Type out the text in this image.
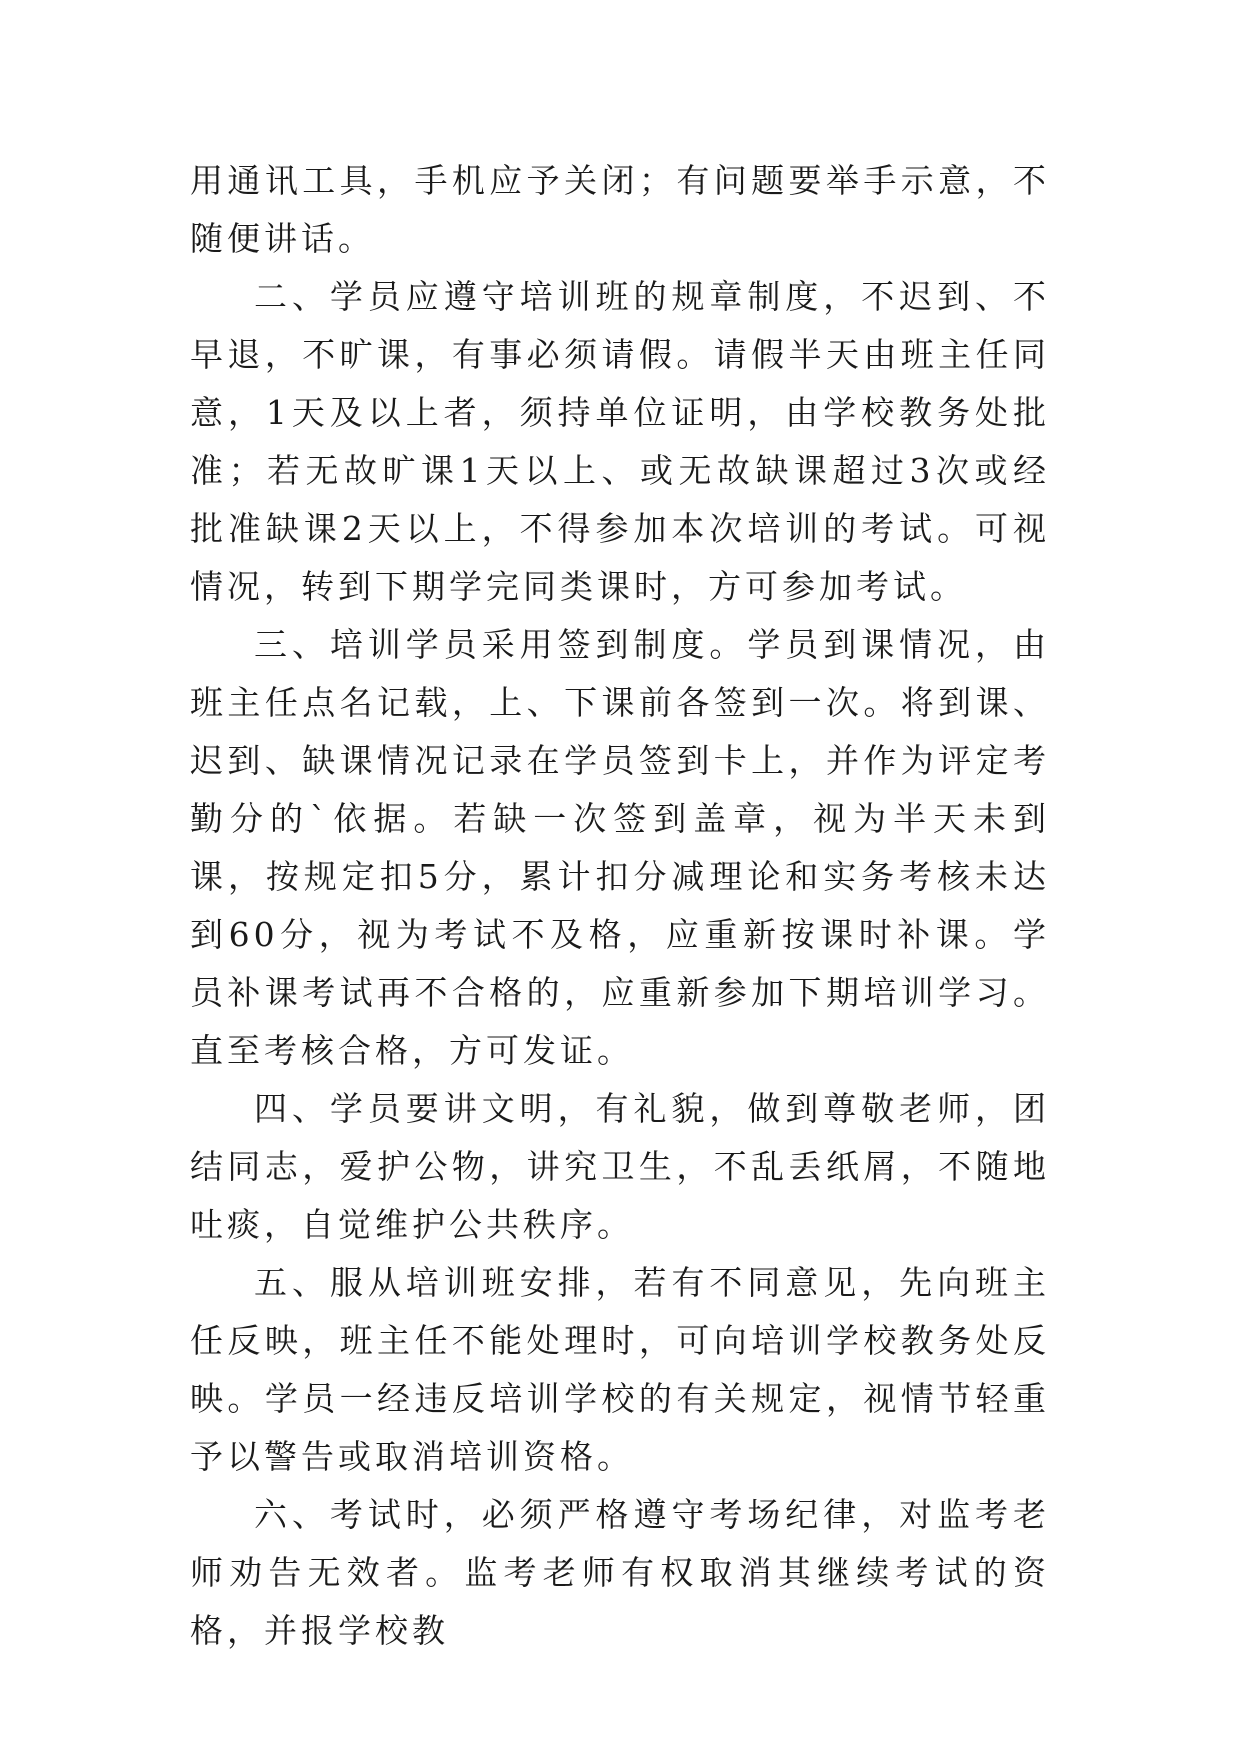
用通讯工具，手机应予关闭；有问题要举手示意，不随便讲话。

二、学员应遵守培训班的规章制度，不迟到、不早退，不旷课，有事必须请假。请假半天由班主任同意，1天及以上者，须持单位证明，由学校教务处批准；若无故旷课1天以上、或无故缺课超过3次或经批准缺课2天以上，不得参加本次培训的考试。可视情况，转到下期学完同类课时，方可参加考试。

三、培训学员采用签到制度。学员到课情况，由班主任点名记载，上、下课前各签到一次。将到课、迟到、缺课情况记录在学员签到卡上，并作为评定考勤分的`依据。若缺一次签到盖章，视为半天未到课，按规定扣5分，累计扣分减理论和实务考核未达到60分，视为考试不及格，应重新按课时补课。学员补课考试再不合格的，应重新参加下期培训学习。直至考核合格，方可发证。

四、学员要讲文明，有礼貌，做到尊敬老师，团结同志，爱护公物，讲究卫生，不乱丢纸屑，不随地吐痰，自觉维护公共秩序。

五、服从培训班安排，若有不同意见，先向班主任反映，班主任不能处理时，可向培训学校教务处反映。学员一经违反培训学校的有关规定，视情节轻重予以警告或取消培训资格。

六、考试时，必须严格遵守考场纪律，对监考老师劝告无效者。监考老师有权取消其继续考试的资格，并报学校教
